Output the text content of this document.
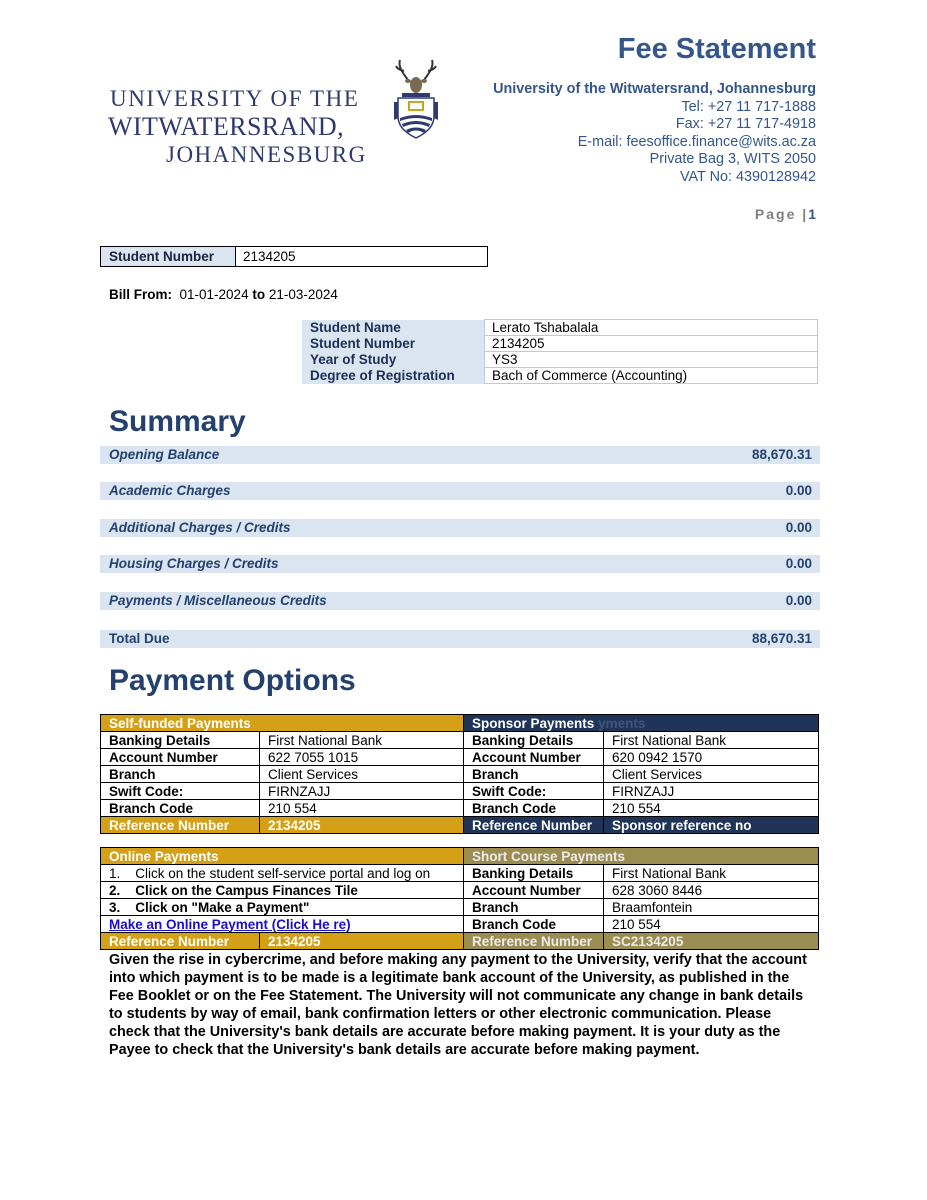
UNIVERSITY OF THE
WITWATERSRAND,
JOHANNESBURG
Fee Statement
University of the Witwatersrand, Johannesburg
Tel: +27 11 717-1888
Fax: +27 11 717-4918
E-mail: feesoffice.finance@wits.ac.za
Private Bag 3, WITS 2050
VAT No: 4390128942
Page |1
Student Number	2134205
Bill From: 01-01-2024 to 21-03-2024
Student Name	Lerato Tshabalala
Student Number	2134205
Year of Study	YS3
Degree of Registration	Bach of Commerce (Accounting)
Summary
Opening Balance	88,670.31
Academic Charges	0.00
Additional Charges / Credits	0.00
Housing Charges / Credits	0.00
Payments / Miscellaneous Credits	0.00
Total Due	88,670.31
Payment Options
Self-funded Payments		Sponsor Payments yments	
Banking Details	First National Bank	Banking Details	First National Bank
Account Number	622 7055 1015	Account Number	620 0942 1570
Branch	Client Services	Branch	Client Services
Swift Code:	FIRNZAJJ	Swift Code:	FIRNZAJJ
Branch Code	210 554	Branch Code	210 554
Reference Number	2134205	Reference Number	Sponsor reference no
Online Payments		Short Course Payments	
1. Click on the student self-service portal and log on		Banking Details	First National Bank
2. Click on the Campus Finances Tile		Account Number	628 3060 8446
3. Click on "Make a Payment"		Branch	Braamfontein
Make an Online Payment (Click He re)		Branch Code	210 554
Reference Number	2134205	Reference Number	SC2134205
Given the rise in cybercrime, and before making any payment to the University, verify that the account into which payment is to be made is a legitimate bank account of the University, as published in the Fee Booklet or on the Fee Statement. The University will not communicate any change in bank details to students by way of email, bank confirmation letters or other electronic communication. Please check that the University's bank details are accurate before making payment. It is your duty as the Payee to check that the University's bank details are accurate before making payment.
